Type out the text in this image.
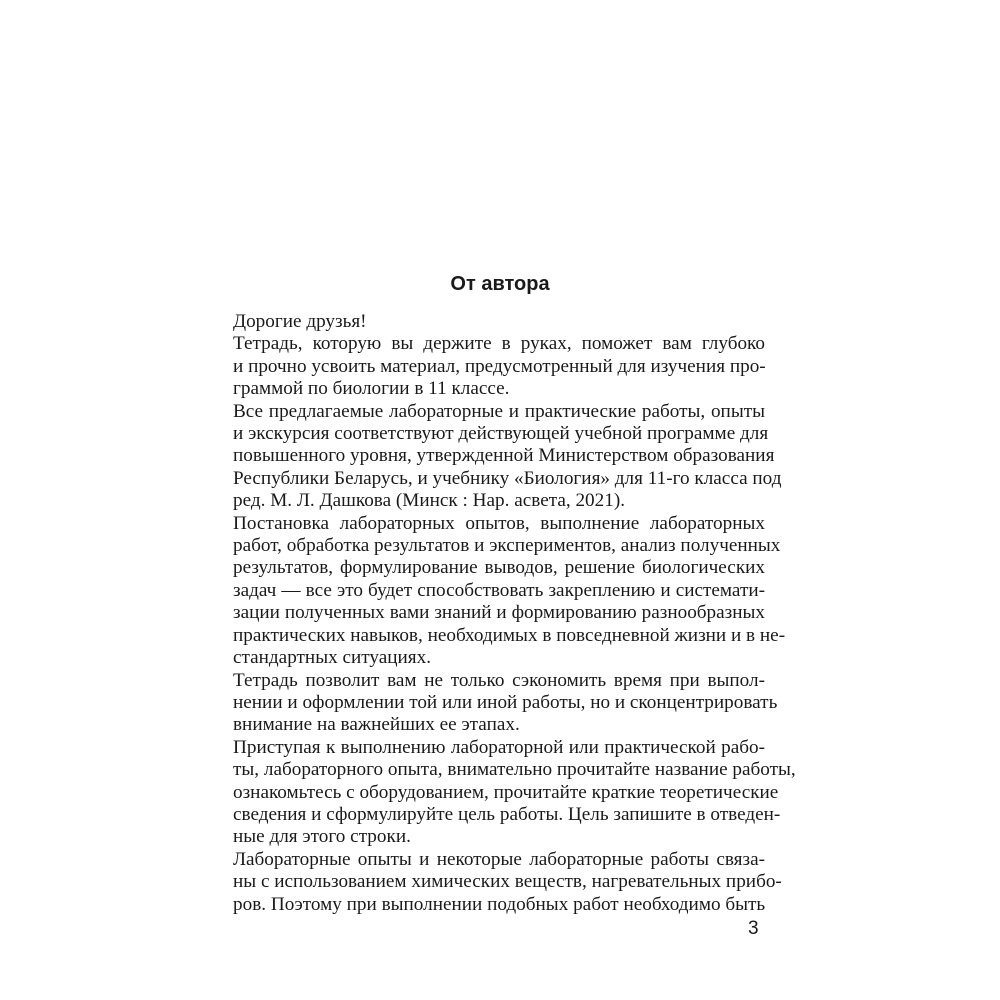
От автора

Дорогие друзья!

Тетрадь, которую вы держите в руках, поможет вам глубоко
и прочно усвоить материал, предусмотренный для изучения про-
граммой по биологии в 11 классе.

Все предлагаемые лабораторные и практические работы, опыты
и экскурсия соответствуют действующей учебной программе для
повышенного уровня, утвержденной Министерством образования
Республики Беларусь, и учебнику «Биология» для 11-го класса под
ред. М. Л. Дашкова (Минск : Нар. асвета, 2021).

Постановка лабораторных опытов, выполнение лабораторных
работ, обработка результатов и экспериментов, анализ полученных
результатов, формулирование выводов, решение биологических
задач — все это будет способствовать закреплению и системати-
зации полученных вами знаний и формированию разнообразных
практических навыков, необходимых в повседневной жизни и в не-
стандартных ситуациях.

Тетрадь позволит вам не только сэкономить время при выпол-
нении и оформлении той или иной работы, но и сконцентрировать
внимание на важнейших ее этапах.

Приступая к выполнению лабораторной или практической рабо-
ты, лабораторного опыта, внимательно прочитайте название работы,
ознакомьтесь с оборудованием, прочитайте краткие теоретические
сведения и сформулируйте цель работы. Цель запишите в отведен-
ные для этого строки.

Лабораторные опыты и некоторые лабораторные работы связа-
ны с использованием химических веществ, нагревательных прибо-
ров. Поэтому при выполнении подобных работ необходимо быть

3
